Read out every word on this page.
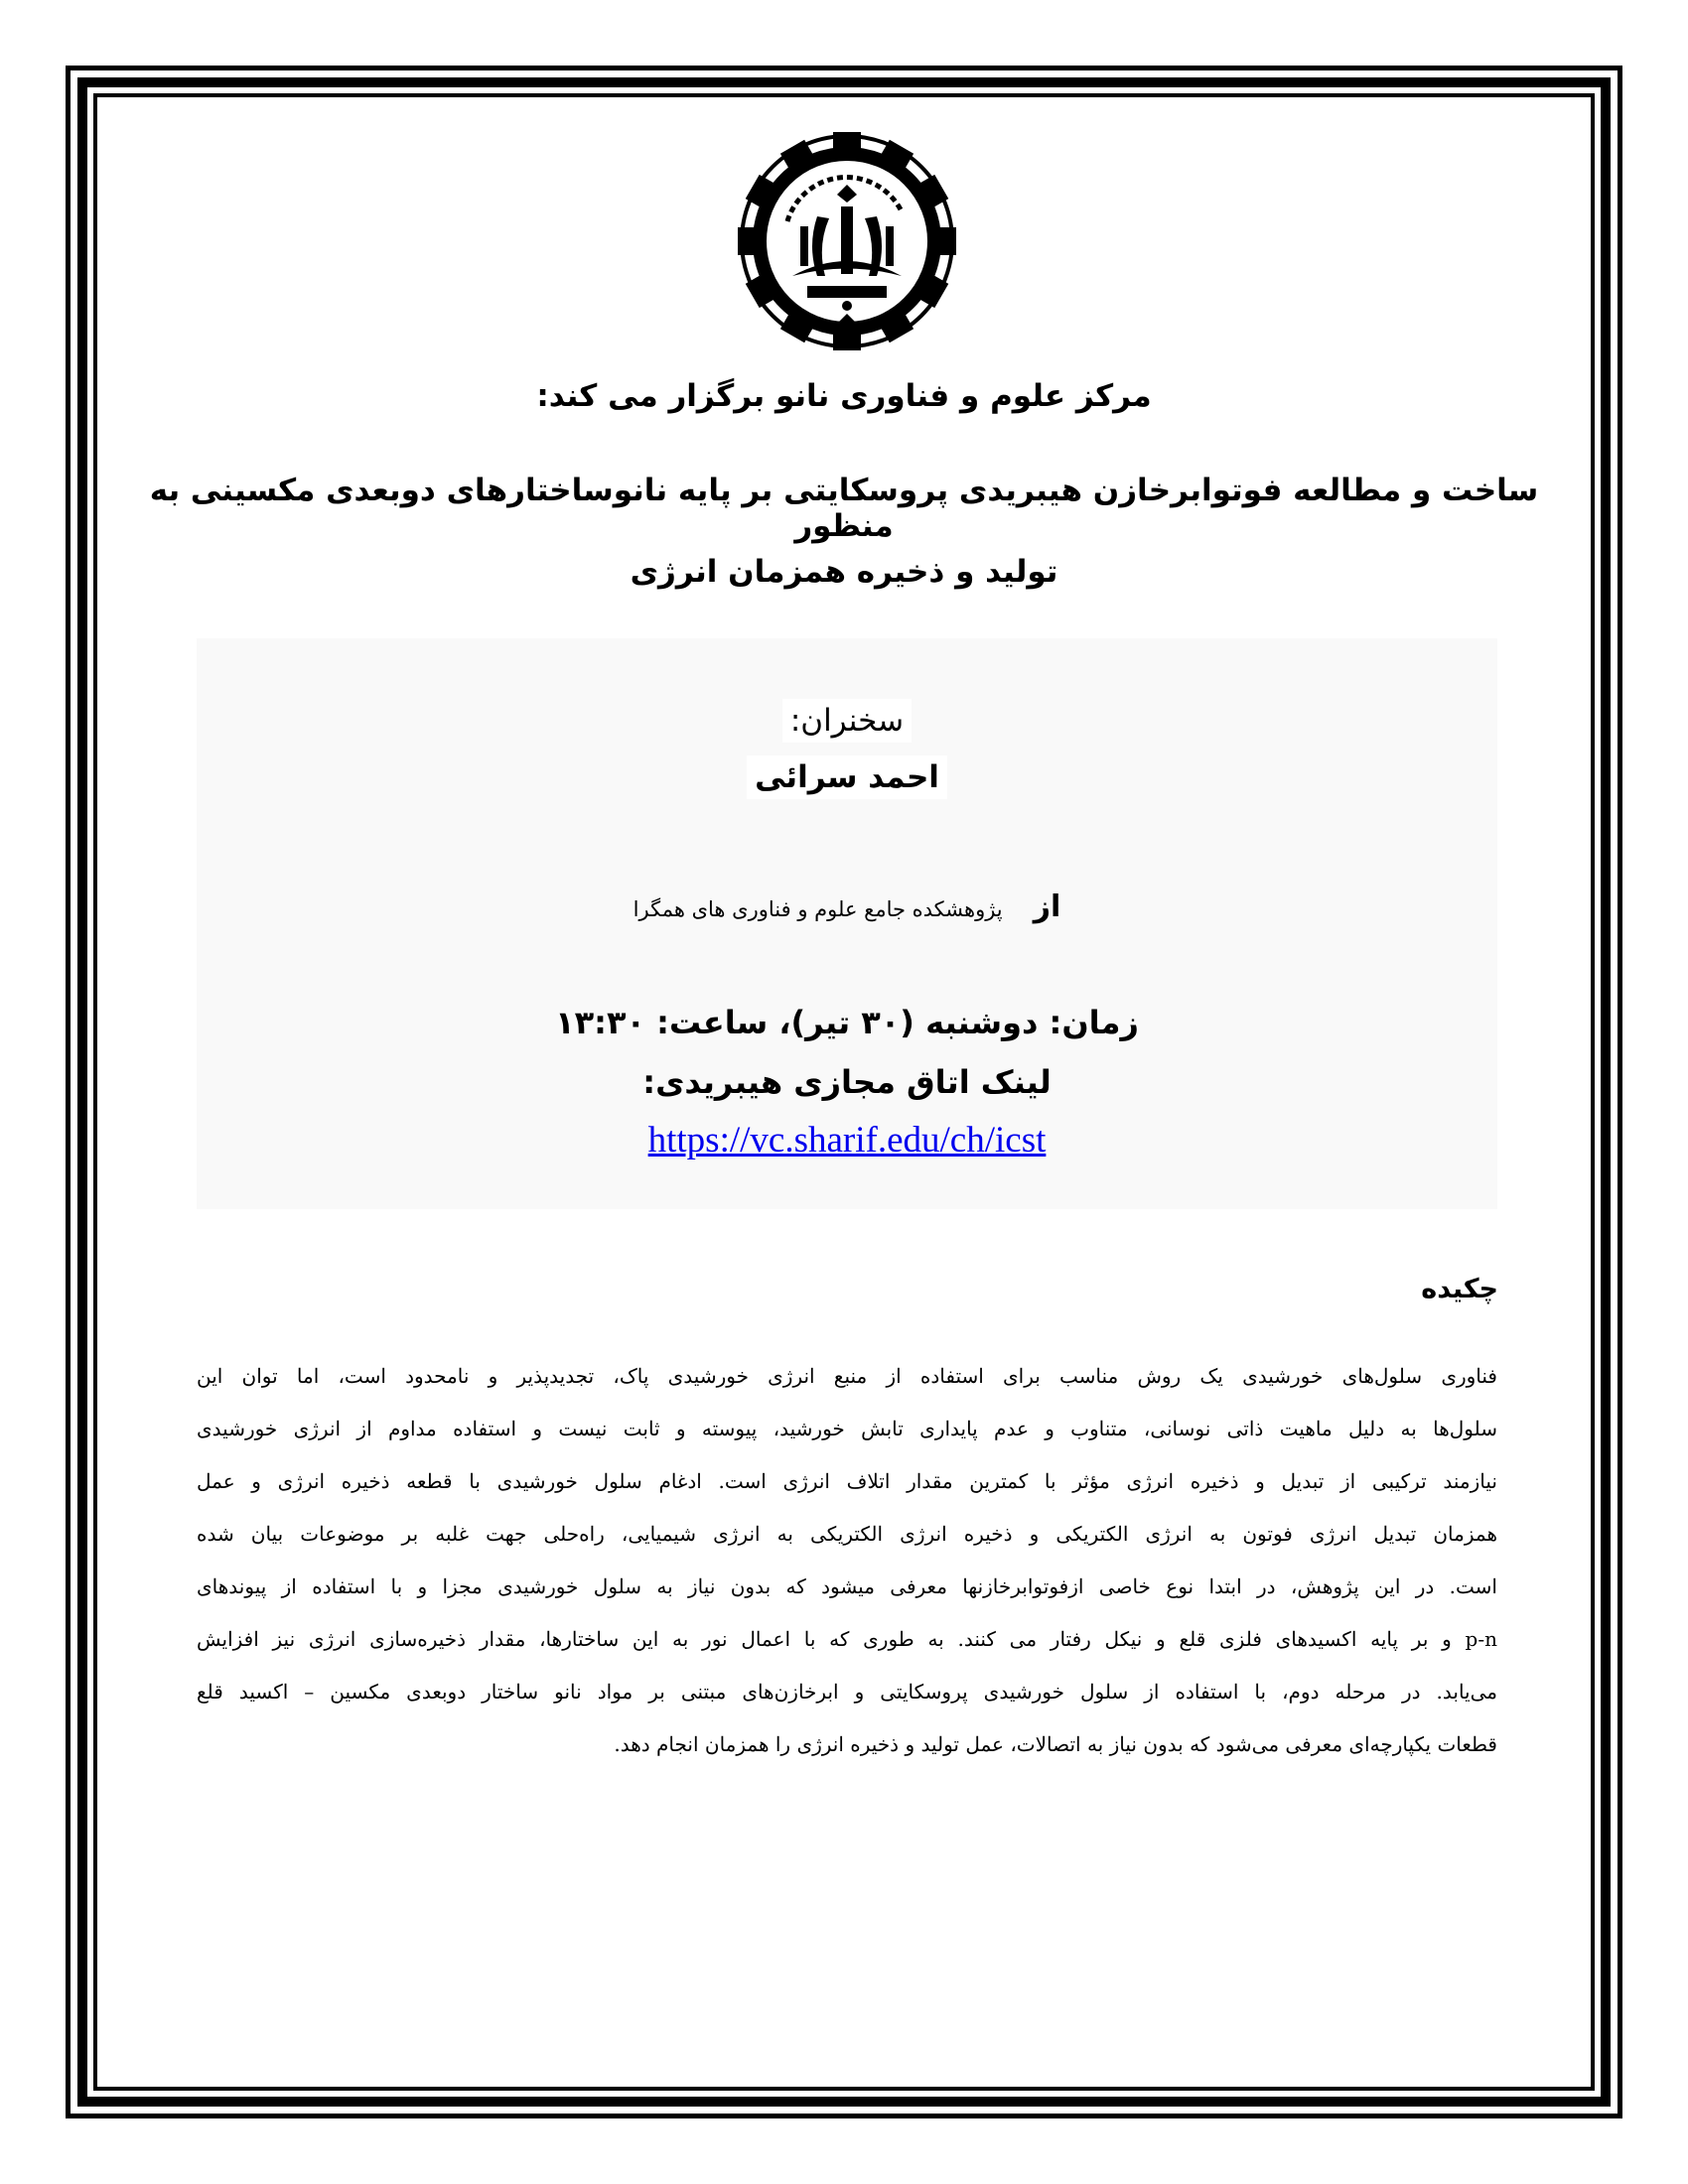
مرکز علوم و فناوری نانو برگزار می کند:
ساخت و مطالعه فوتوابرخازن هیبریدی پروسکایتی بر پایه نانوساختارهای دوبعدی مکسینی به منظور
تولید و ذخیره همزمان انرژی
سخنران:
احمد سرائی
از پژوهشکده جامع علوم و فناوری های همگرا
زمان: دوشنبه (۳۰ تیر)، ساعت: ۱۳:۳۰
لینک اتاق مجازی هیبریدی:
https://vc.sharif.edu/ch/icst
چکیده

فناوری سلول‌های خورشیدی یک روش مناسب برای استفاده از منبع انرژی خورشیدی پاک، تجدیدپذیر و نامحدود است، اما توان این

سلول‌ها به دلیل ماهیت ذاتی نوسانی، متناوب و عدم پایداری تابش خورشید، پیوسته و ثابت نیست و استفاده مداوم از انرژی خورشیدی

نیازمند ترکیبی از تبدیل و ذخیره انرژی مؤثر با کمترین مقدار اتلاف انرژی است. ادغام سلول خورشیدی با قطعه ذخیره انرژی و عمل

همزمان تبدیل انرژی فوتون به انرژی الکتریکی و ذخیره انرژی الکتریکی به انرژی شیمیایی، راه‌حلی جهت غلبه بر موضوعات بیان شده

است. در این پژوهش، در ابتدا نوع خاصی ازفوتوابرخازنها معرفی میشود که بدون نیاز به سلول خورشیدی مجزا و با استفاده از پیوندهای

p-n و بر پایه اکسیدهای فلزی قلع و نیکل رفتار می کنند. به طوری که با اعمال نور به این ساختارها، مقدار ذخیره‌سازی انرژی نیز افزایش

می‌یابد. در مرحله دوم، با استفاده از سلول خورشیدی پروسکایتی و ابرخازن‌های مبتنی بر مواد نانو ساختار دوبعدی مکسین – اکسید قلع

قطعات یکپارچه‌ای معرفی می‌شود که بدون نیاز به اتصالات، عمل تولید و ذخیره انرژی را همزمان انجام دهد.
